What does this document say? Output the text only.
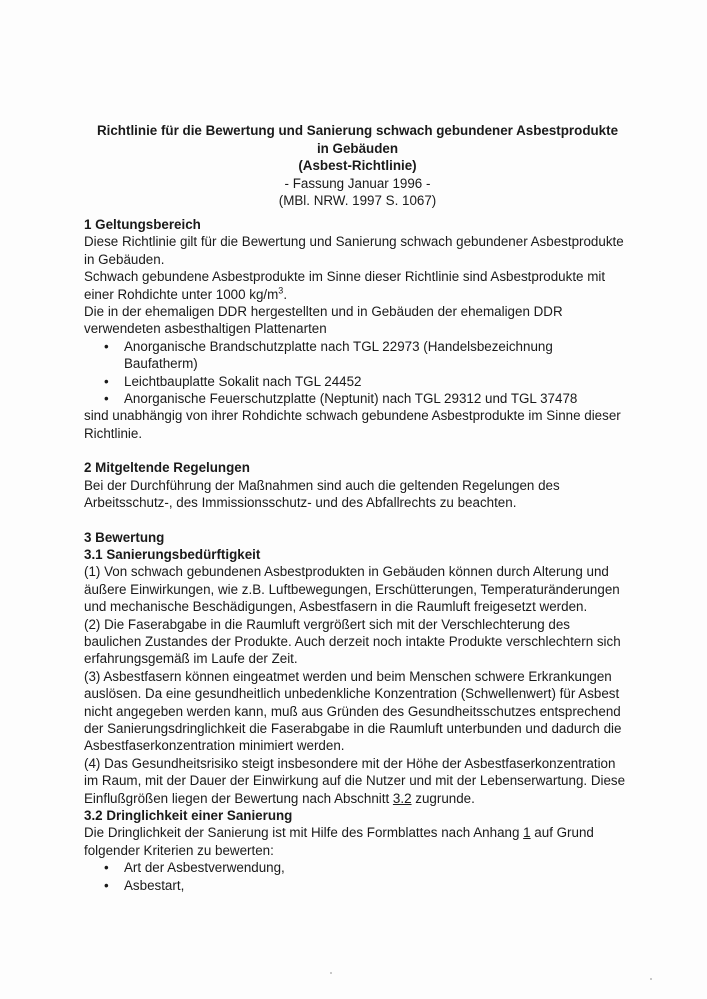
Richtlinie für die Bewertung und Sanierung schwach gebundener Asbestprodukte
in Gebäuden
(Asbest-Richtlinie)
- Fassung Januar 1996 -
(MBl. NRW. 1997 S. 1067)

1 Geltungsbereich

Diese Richtlinie gilt für die Bewertung und Sanierung schwach gebundener Asbestprodukte in Gebäuden.

Schwach gebundene Asbestprodukte im Sinne dieser Richtlinie sind Asbestprodukte mit einer Rohdichte unter 1000 $kg/m^3$.

Die in der ehemaligen DDR hergestellten und in Gebäuden der ehemaligen DDR verwendeten asbesthaltigen Plattenarten

• Anorganische Brandschutzplatte nach TGL 22973 (Handelsbezeichnung Baufatherm)
• Leichtbauplatte Sokalit nach TGL 24452
• Anorganische Feuerschutzplatte (Neptunit) nach TGL 29312 und TGL 37478

sind unabhängig von ihrer Rohdichte schwach gebundene Asbestprodukte im Sinne dieser Richtlinie.

2 Mitgeltende Regelungen

Bei der Durchführung der Maßnahmen sind auch die geltenden Regelungen des Arbeitsschutz-, des Immissionsschutz- und des Abfallrechts zu beachten.

3 Bewertung

3.1 Sanierungsbedürftigkeit

(1) Von schwach gebundenen Asbestprodukten in Gebäuden können durch Alterung und äußere Einwirkungen, wie z.B. Luftbewegungen, Erschütterungen, Temperaturänderungen und mechanische Beschädigungen, Asbestfasern in die Raumluft freigesetzt werden.

(2) Die Faserabgabe in die Raumluft vergrößert sich mit der Verschlechterung des baulichen Zustandes der Produkte. Auch derzeit noch intakte Produkte verschlechtern sich erfahrungsgemäß im Laufe der Zeit.

(3) Asbestfasern können eingeatmet werden und beim Menschen schwere Erkrankungen auslösen. Da eine gesundheitlich unbedenkliche Konzentration (Schwellenwert) für Asbest nicht angegeben werden kann, muß aus Gründen des Gesundheitsschutzes entsprechend der Sanierungsdringlichkeit die Faserabgabe in die Raumluft unterbunden und dadurch die Asbestfaserkonzentration minimiert werden.

(4) Das Gesundheitsrisiko steigt insbesondere mit der Höhe der Asbestfaserkonzentration im Raum, mit der Dauer der Einwirkung auf die Nutzer und mit der Lebenserwartung. Diese Einflußgrößen liegen der Bewertung nach Abschnitt 3.2 zugrunde.

3.2 Dringlichkeit einer Sanierung

Die Dringlichkeit der Sanierung ist mit Hilfe des Formblattes nach Anhang 1 auf Grund folgender Kriterien zu bewerten:

• Art der Asbestverwendung,
• Asbestart,
